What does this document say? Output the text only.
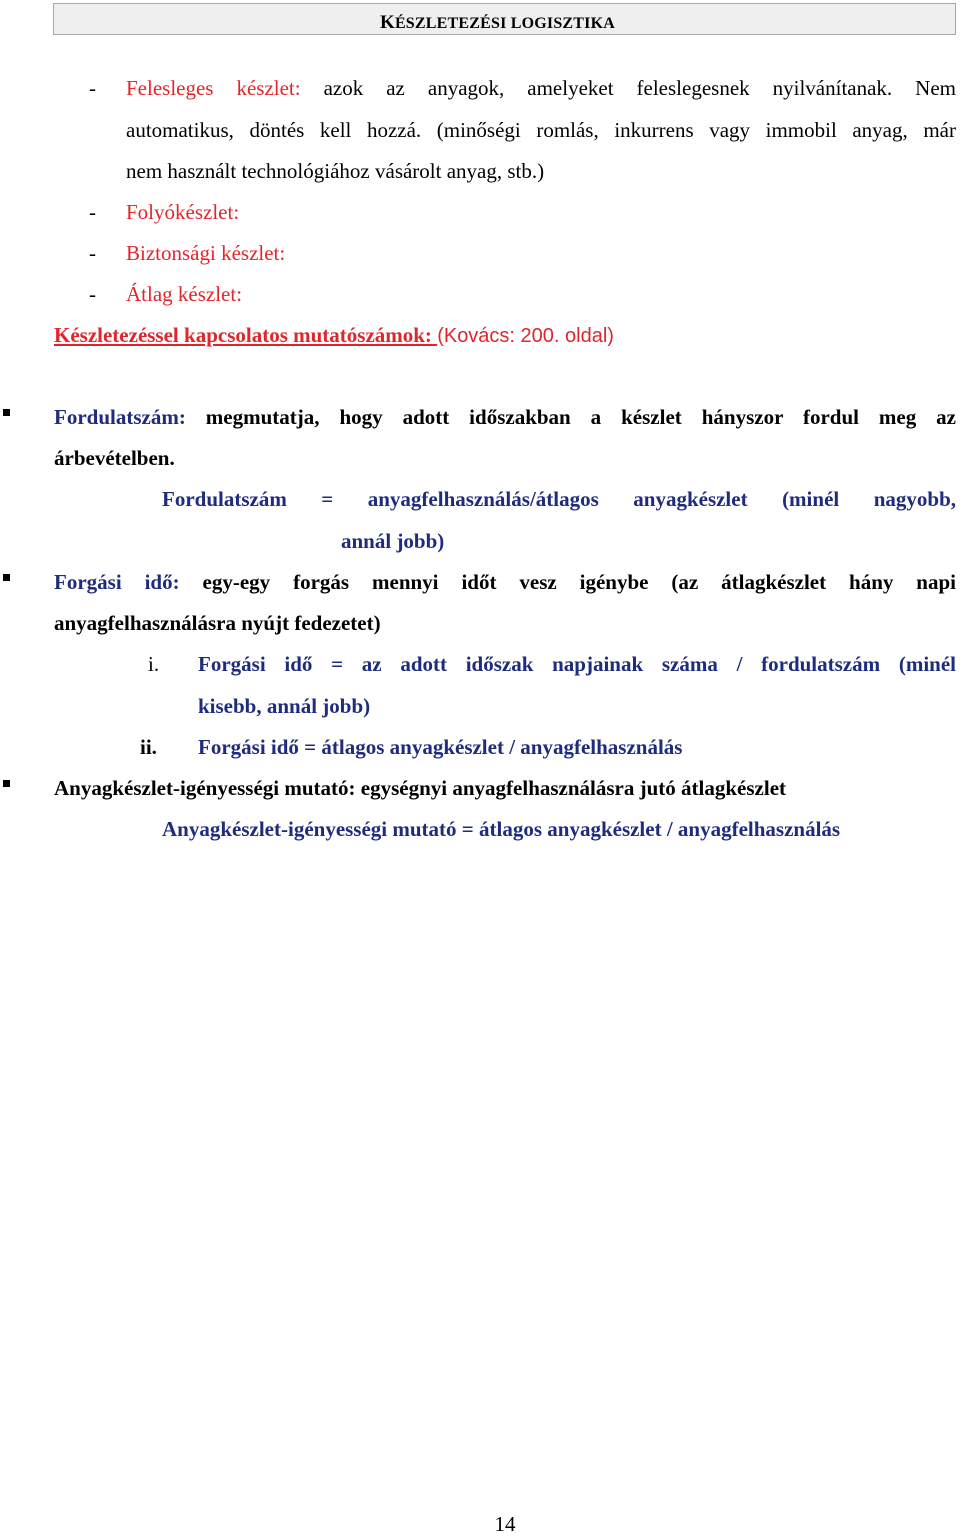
KÉSZLETEZÉSI LOGISZTIKA
- Felesleges készlet: azok az anyagok, amelyeket feleslegesnek nyilvánítanak. Nem
automatikus, döntés kell hozzá. (minőségi romlás, inkurrens vagy immobil anyag, már
nem használt technológiához vásárolt anyag, stb.)
- Folyókészlet:
- Biztonsági készlet:
- Átlag készlet:
Készletezéssel kapcsolatos mutatószámok: (Kovács: 200. oldal)
Fordulatszám: megmutatja, hogy adott időszakban a készlet hányszor fordul meg az
árbevételben.
Fordulatszám = anyagfelhasználás/átlagos anyagkészlet (minél nagyobb,
annál jobb)
Forgási idő: egy-egy forgás mennyi időt vesz igénybe (az átlagkészlet hány napi
anyagfelhasználásra nyújt fedezetet)
i. Forgási idő = az adott időszak napjainak száma / fordulatszám (minél
kisebb, annál jobb)
ii. Forgási idő = átlagos anyagkészlet / anyagfelhasználás
Anyagkészlet-igényességi mutató: egységnyi anyagfelhasználásra jutó átlagkészlet
Anyagkészlet-igényességi mutató = átlagos anyagkészlet / anyagfelhasználás
14
